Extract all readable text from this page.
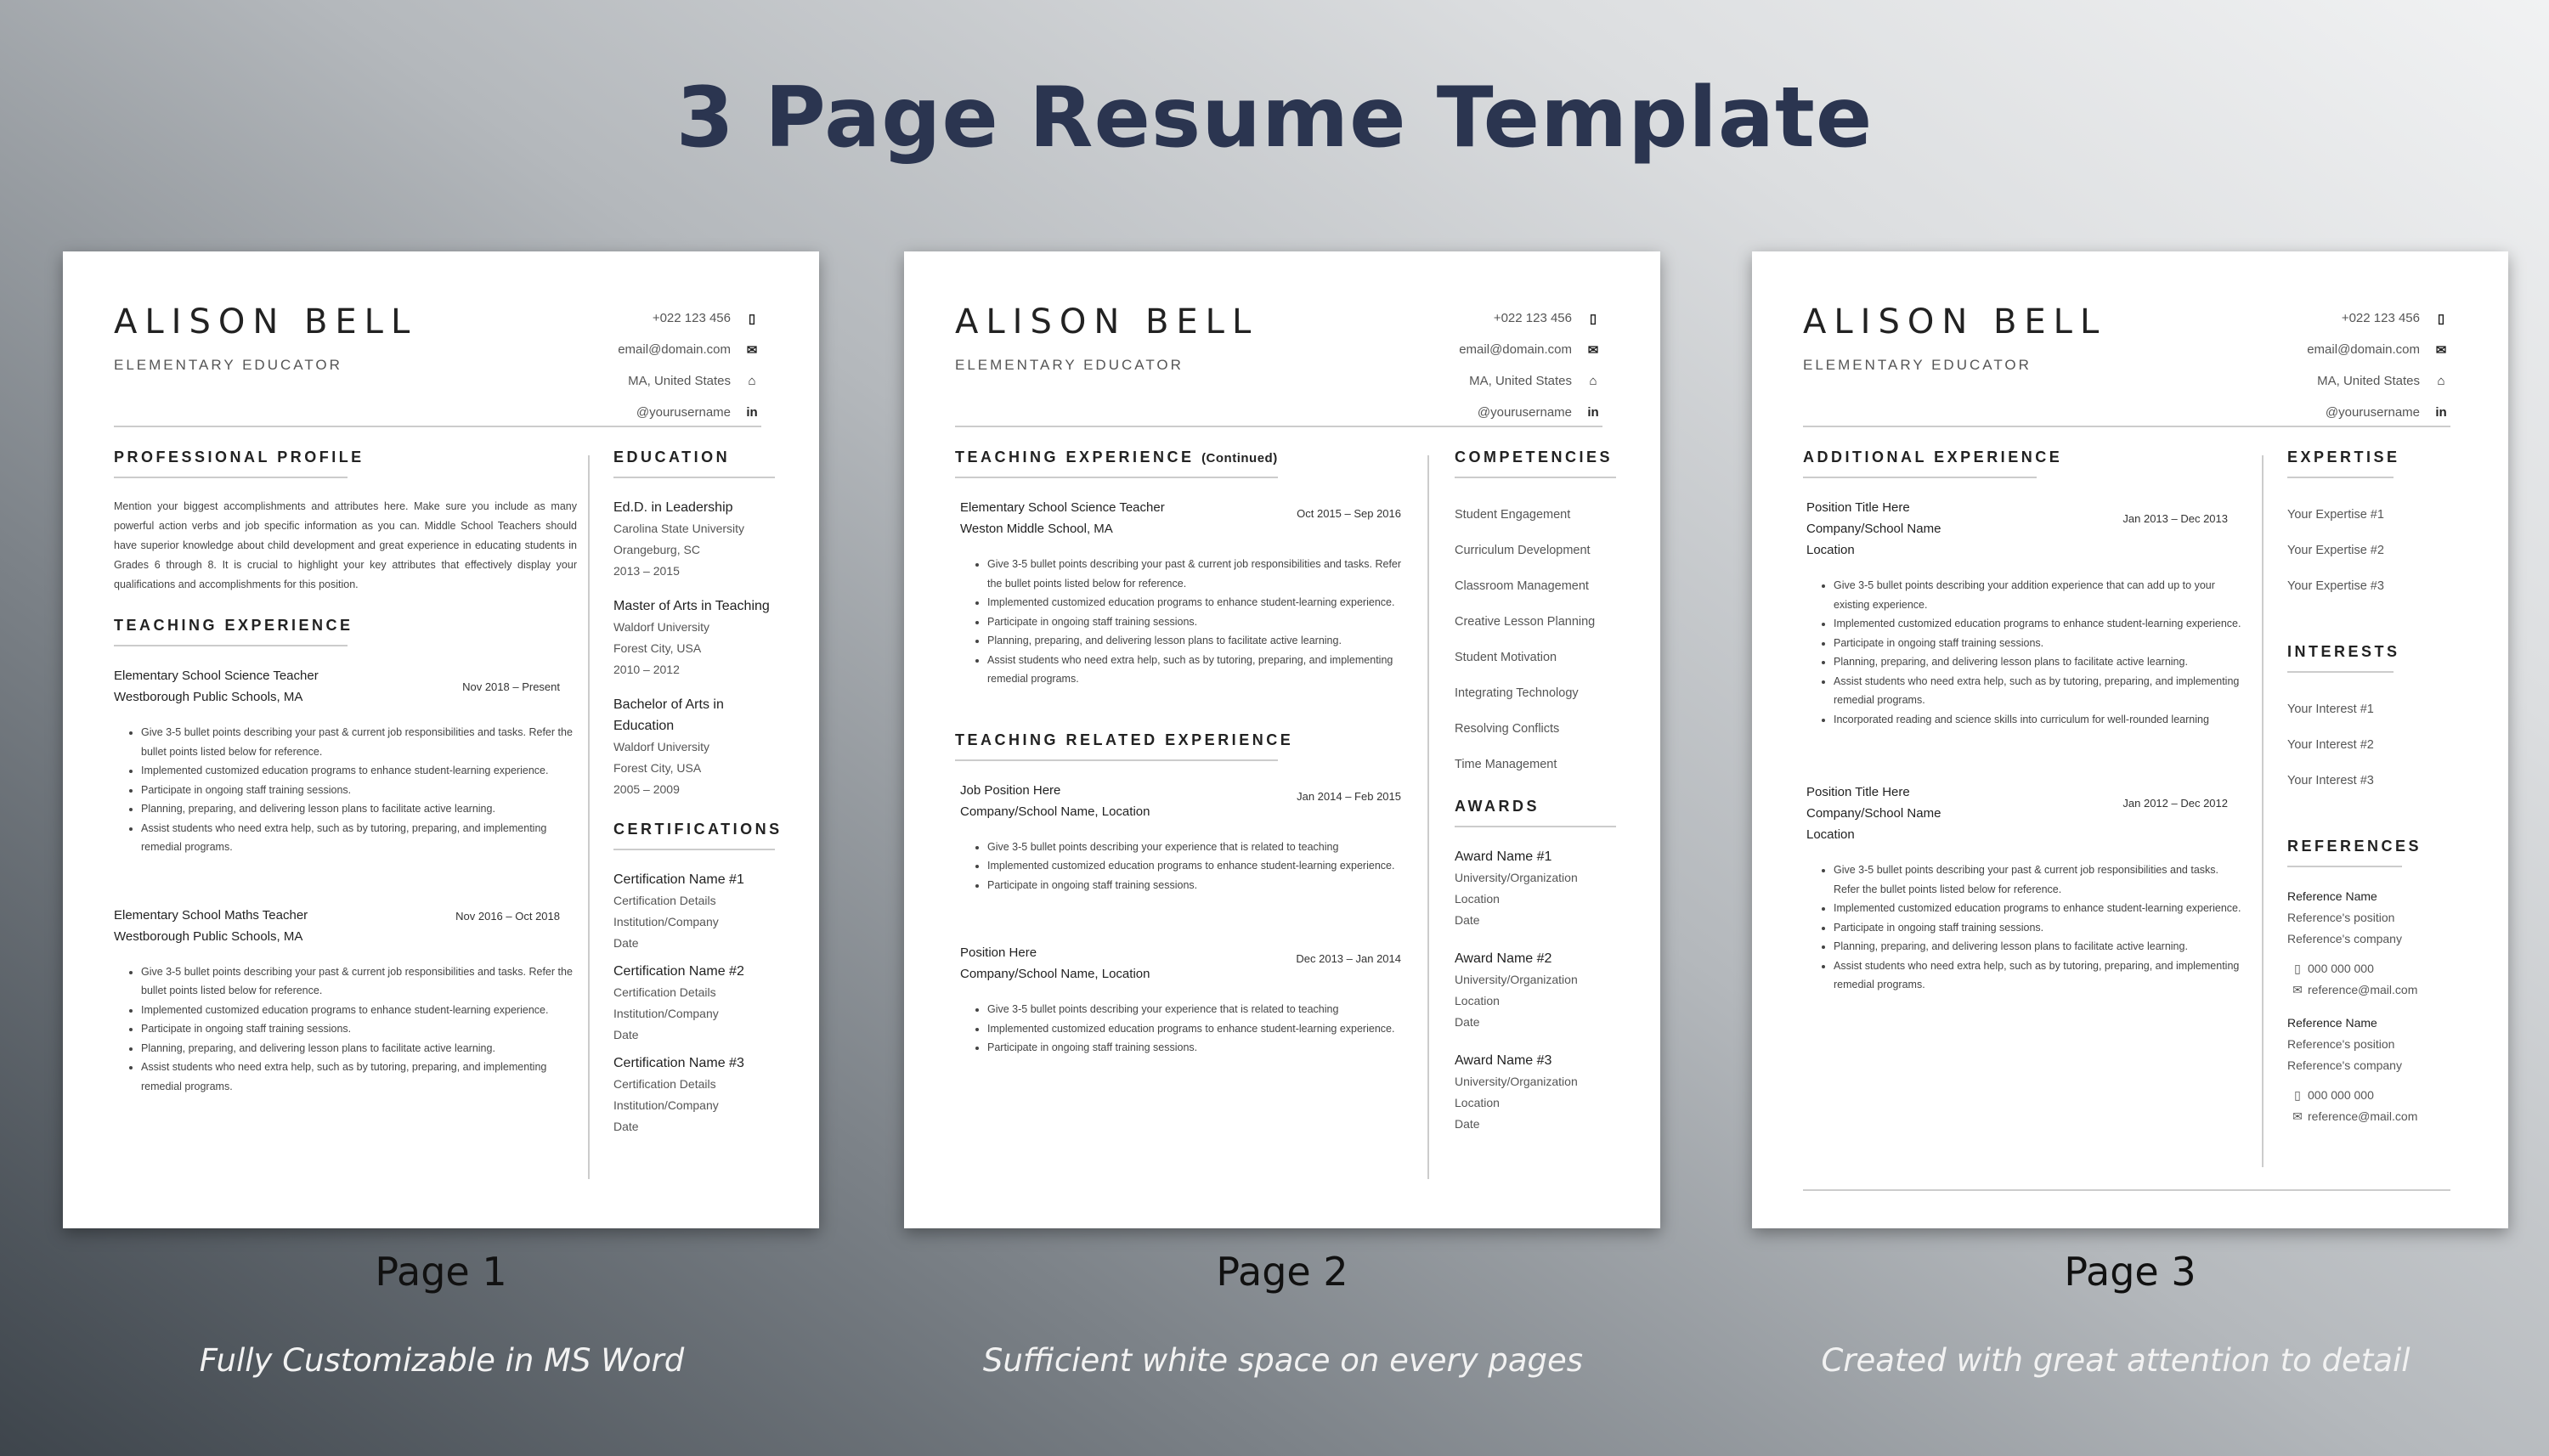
3 Page Resume Template
ALISON BELL
ELEMENTARY EDUCATOR
+022 123 456	▯
email@domain.com	✉
MA, United States	⌂
@yourusername in
PROFESSIONAL PROFILE
Mention your biggest accomplishments and attributes here. Make sure you include as many powerful action verbs and job specific information as you can. Middle School Teachers should have superior knowledge about child development and great experience in educating students in Grades 6 through 8. It is crucial to highlight your key attributes that effectively display your qualifications and accomplishments for this position.
TEACHING EXPERIENCE
Elementary School Science Teacher
Westborough Public Schools, MA
Nov 2018 – Present
• Give 3-5 bullet points describing your past & current job responsibilities and tasks. Refer the bullet points listed below for reference.
• Implemented customized education programs to enhance student-learning experience.
• Participate in ongoing staff training sessions.
• Planning, preparing, and delivering lesson plans to facilitate active learning.
• Assist students who need extra help, such as by tutoring, preparing, and implementing remedial programs.
Elementary School Maths Teacher
Westborough Public Schools, MA
Nov 2016 – Oct 2018
• Give 3-5 bullet points describing your past & current job responsibilities and tasks. Refer the bullet points listed below for reference.
• Implemented customized education programs to enhance student-learning experience.
• Participate in ongoing staff training sessions.
• Planning, preparing, and delivering lesson plans to facilitate active learning.
• Assist students who need extra help, such as by tutoring, preparing, and implementing remedial programs.
EDUCATION
Ed.D. in Leadership
Carolina State University
Orangeburg, SC
2013 – 2015
Master of Arts in Teaching
Waldorf University
Forest City, USA
2010 – 2012
Bachelor of Arts in Education
Waldorf University
Forest City, USA
2005 – 2009
CERTIFICATIONS
Certification Name #1
Certification Details
Institution/Company
Date
Certification Name #2
Certification Details
Institution/Company
Date
Certification Name #3
Certification Details
Institution/Company
Date
ALISON BELL
ELEMENTARY EDUCATOR
+022 123 456	▯
email@domain.com	✉
MA, United States	⌂
@yourusername in
TEACHING EXPERIENCE (Continued)
Elementary School Science Teacher
Weston Middle School, MA
Oct 2015 – Sep 2016
• Give 3-5 bullet points describing your past & current job responsibilities and tasks. Refer the bullet points listed below for reference.
• Implemented customized education programs to enhance student-learning experience.
• Participate in ongoing staff training sessions.
• Planning, preparing, and delivering lesson plans to facilitate active learning.
• Assist students who need extra help, such as by tutoring, preparing, and implementing remedial programs.
TEACHING RELATED EXPERIENCE
Job Position Here
Company/School Name, Location
Jan 2014 – Feb 2015
• Give 3-5 bullet points describing your experience that is related to teaching
• Implemented customized education programs to enhance student-learning experience.
• Participate in ongoing staff training sessions.
Position Here
Company/School Name, Location
Dec 2013 – Jan 2014
• Give 3-5 bullet points describing your experience that is related to teaching
• Implemented customized education programs to enhance student-learning experience.
• Participate in ongoing staff training sessions.
COMPETENCIES
Student Engagement
Curriculum Development
Classroom Management
Creative Lesson Planning
Student Motivation
Integrating Technology
Resolving Conflicts
Time Management
AWARDS
Award Name #1
University/Organization
Location
Date
Award Name #2
University/Organization
Location
Date
Award Name #3
University/Organization
Location
Date
ALISON BELL
ELEMENTARY EDUCATOR
+022 123 456	▯
email@domain.com	✉
MA, United States	⌂
@yourusername in
ADDITIONAL EXPERIENCE
Position Title Here
Company/School Name
Location
Jan 2013 – Dec 2013
• Give 3-5 bullet points describing your addition experience that can add up to your existing experience.
• Implemented customized education programs to enhance student-learning experience.
• Participate in ongoing staff training sessions.
• Planning, preparing, and delivering lesson plans to facilitate active learning.
• Assist students who need extra help, such as by tutoring, preparing, and implementing remedial programs.
• Incorporated reading and science skills into curriculum for well-rounded learning
Position Title Here
Company/School Name
Location
Jan 2012 – Dec 2012
• Give 3-5 bullet points describing your past & current job responsibilities and tasks. Refer the bullet points listed below for reference.
• Implemented customized education programs to enhance student-learning experience.
• Participate in ongoing staff training sessions.
• Planning, preparing, and delivering lesson plans to facilitate active learning.
• Assist students who need extra help, such as by tutoring, preparing, and implementing remedial programs.
EXPERTISE
Your Expertise #1
Your Expertise #2
Your Expertise #3
INTERESTS
Your Interest #1
Your Interest #2
Your Interest #3
REFERENCES
Reference Name
Reference's position
Reference's company
▯ 000 000 000
✉ reference@mail.com
Reference Name
Reference's position
Reference's company
▯ 000 000 000
✉ reference@mail.com
Page 1	Page 2	Page 3
Fully Customizable in MS Word	Sufficient white space on every pages	Created with great attention to detail
